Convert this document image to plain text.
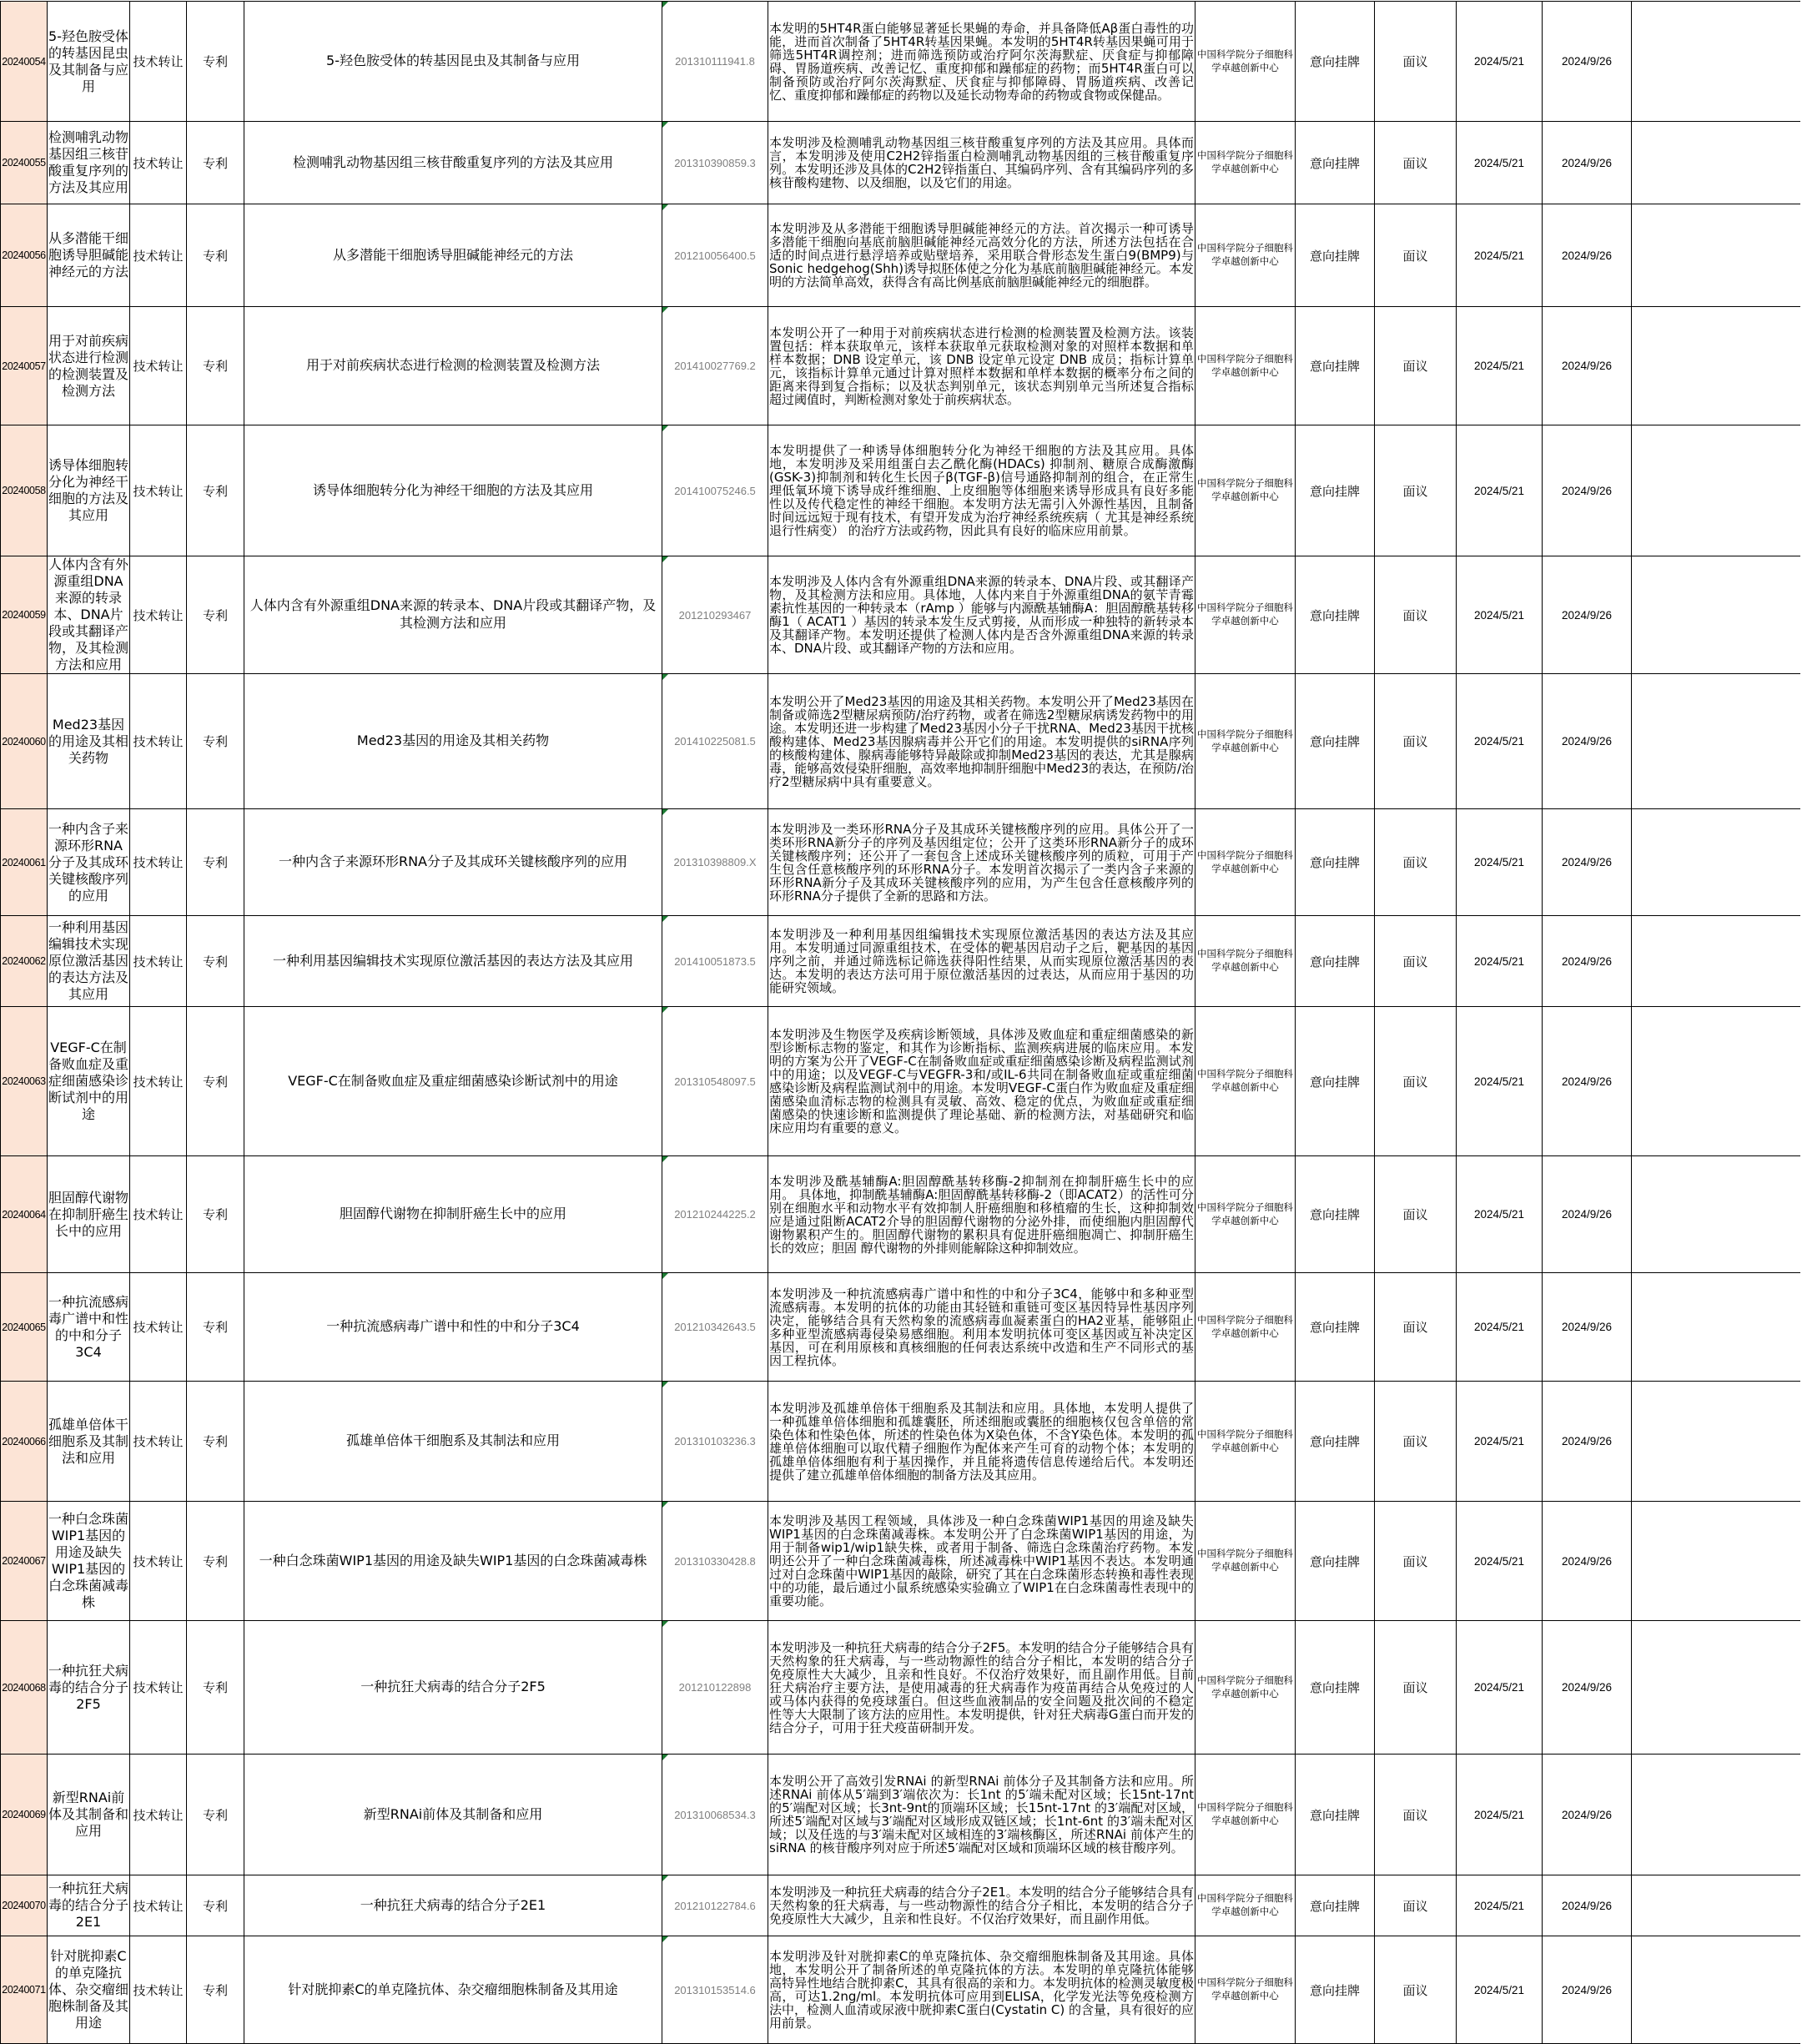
20240054	5-羟色胺受体的转基因昆虫及其制备与应用	技术转让	专利	5-羟色胺受体的转基因昆虫及其制备与应用	201310111941.8	本发明的5HT4R蛋白能够显著延长果蝇的寿命，并具备降低Aβ蛋白毒性的功能，进而首次制备了5HT4R转基因果蝇。本发明的5HT4R转基因果蝇可用于筛选5HT4R调控剂；进而筛选预防或治疗阿尔茨海默症、厌食症与抑郁障碍、胃肠道疾病、改善记忆、重度抑郁和躁郁症的药物；而5HT4R蛋白可以制备预防或治疗阿尔茨海默症、厌食症与抑郁障碍、胃肠道疾病、改善记忆、重度抑郁和躁郁症的药物以及延长动物寿命的药物或食物或保健品。	中国科学院分子细胞科学卓越创新中心	意向挂牌	面议	2024/5/21	2024/9/26	
20240055	检测哺乳动物基因组三核苷酸重复序列的方法及其应用	技术转让	专利	检测哺乳动物基因组三核苷酸重复序列的方法及其应用	201310390859.3	本发明涉及检测哺乳动物基因组三核苷酸重复序列的方法及其应用。具体而言，本发明涉及使用C2H2锌指蛋白检测哺乳动物基因组的三核苷酸重复序列。本发明还涉及具体的C2H2锌指蛋白、其编码序列、含有其编码序列的多核苷酸构建物、以及细胞，以及它们的用途。	中国科学院分子细胞科学卓越创新中心	意向挂牌	面议	2024/5/21	2024/9/26	
20240056	从多潜能干细胞诱导胆碱能神经元的方法	技术转让	专利	从多潜能干细胞诱导胆碱能神经元的方法	201210056400.5	本发明涉及从多潜能干细胞诱导胆碱能神经元的方法。首次揭示一种可诱导多潜能干细胞向基底前脑胆碱能神经元高效分化的方法，所述方法包括在合适的时间点进行悬浮培养或贴壁培养，采用联合骨形态发生蛋白9(BMP9)与Sonic hedgehog(Shh)诱导拟胚体使之分化为基底前脑胆碱能神经元。本发明的方法简单高效，获得含有高比例基底前脑胆碱能神经元的细胞群。	中国科学院分子细胞科学卓越创新中心	意向挂牌	面议	2024/5/21	2024/9/26	
20240057	用于对前疾病状态进行检测的检测装置及检测方法	技术转让	专利	用于对前疾病状态进行检测的检测装置及检测方法	201410027769.2	本发明公开了一种用于对前疾病状态进行检测的检测装置及检测方法。该装置包括：样本获取单元，该样本获取单元获取检测对象的对照样本数据和单样本数据；DNB 设定单元，该 DNB 设定单元设定 DNB 成员；指标计算单元，该指标计算单元通过计算对照样本数据和单样本数据的概率分布之间的距离来得到复合指标；以及状态判别单元，该状态判别单元当所述复合指标超过阈值时，判断检测对象处于前疾病状态。	中国科学院分子细胞科学卓越创新中心	意向挂牌	面议	2024/5/21	2024/9/26	
20240058	诱导体细胞转分化为神经干细胞的方法及其应用	技术转让	专利	诱导体细胞转分化为神经干细胞的方法及其应用	201410075246.5	本发明提供了一种诱导体细胞转分化为神经干细胞的方法及其应用。具体地，本发明涉及采用组蛋白去乙酰化酶(HDACs) 抑制剂、糖原合成酶激酶(GSK-3)抑制剂和转化生长因子β(TGF-β)信号通路抑制剂的组合，在正常生理低氧环境下诱导成纤维细胞、上皮细胞等体细胞来诱导形成具有良好多能性以及传代稳定性的神经干细胞。本发明方法无需引入外源性基因，且制备时间远远短于现有技术，有望开发成为治疗神经系统疾病（ 尤其是神经系统退行性病变） 的治疗方法或药物，因此具有良好的临床应用前景。	中国科学院分子细胞科学卓越创新中心	意向挂牌	面议	2024/5/21	2024/9/26	
20240059	人体内含有外源重组DNA来源的转录本、DNA片段或其翻译产物，及其检测方法和应用	技术转让	专利	人体内含有外源重组DNA来源的转录本、DNA片段或其翻译产物，及其检测方法和应用	201210293467	本发明涉及人体内含有外源重组DNA来源的转录本、DNA片段、或其翻译产物，及其检测方法和应用。具体地，人体内来自于外源重组DNA的氨苄青霉素抗性基因的一种转录本（rAmp ）能够与内源酰基辅酶A：胆固醇酰基转移酶1（ ACAT1 ）基因的转录本发生反式剪接，从而形成一种独特的新转录本及其翻译产物。本发明还提供了检测人体内是否含外源重组DNA来源的转录本、DNA片段、或其翻译产物的方法和应用。	中国科学院分子细胞科学卓越创新中心	意向挂牌	面议	2024/5/21	2024/9/26	
20240060	Med23基因的用途及其相关药物	技术转让	专利	Med23基因的用途及其相关药物	201410225081.5	本发明公开了Med23基因的用途及其相关药物。本发明公开了Med23基因在制备或筛选2型糖尿病预防/治疗药物，或者在筛选2型糖尿病诱发药物中的用途。本发明还进一步构建了Med23基因小分子干扰RNA、Med23基因干扰核酸构建体、Med23基因腺病毒并公开它们的用途。本发明提供的siRNA序列的核酸构建体、腺病毒能够特异敲除或抑制Med23基因的表达，尤其是腺病毒，能够高效侵染肝细胞，高效率地抑制肝细胞中Med23的表达，在预防/治疗2型糖尿病中具有重要意义。	中国科学院分子细胞科学卓越创新中心	意向挂牌	面议	2024/5/21	2024/9/26	
20240061	一种内含子来源环形RNA分子及其成环关键核酸序列的应用	技术转让	专利	一种内含子来源环形RNA分子及其成环关键核酸序列的应用	201310398809.X	本发明涉及一类环形RNA分子及其成环关键核酸序列的应用。具体公开了一类环形RNA新分子的序列及基因组定位；公开了这类环形RNA新分子的成环关键核酸序列；还公开了一套包含上述成环关键核酸序列的质粒，可用于产生包含任意核酸序列的环形RNA分子。本发明首次揭示了一类内含子来源的环形RNA新分子及其成环关键核酸序列的应用，为产生包含任意核酸序列的环形RNA分子提供了全新的思路和方法。	中国科学院分子细胞科学卓越创新中心	意向挂牌	面议	2024/5/21	2024/9/26	
20240062	一种利用基因编辑技术实现原位激活基因的表达方法及其应用	技术转让	专利	一种利用基因编辑技术实现原位激活基因的表达方法及其应用	201410051873.5	本发明涉及一种利用基因组编辑技术实现原位激活基因的表达方法及其应用。本发明通过同源重组技术，在受体的靶基因启动子之后，靶基因的基因序列之前，并通过筛选标记筛选获得阳性结果，从而实现原位激活基因的表达。本发明的表达方法可用于原位激活基因的过表达，从而应用于基因的功能研究领域。	中国科学院分子细胞科学卓越创新中心	意向挂牌	面议	2024/5/21	2024/9/26	
20240063	VEGF-C在制备败血症及重症细菌感染诊断试剂中的用途	技术转让	专利	VEGF-C在制备败血症及重症细菌感染诊断试剂中的用途	201310548097.5	本发明涉及生物医学及疾病诊断领域，具体涉及败血症和重症细菌感染的新型诊断标志物的鉴定，和其作为诊断指标、监测疾病进展的临床应用。本发明的方案为公开了VEGF-C在制备败血症或重症细菌感染诊断及病程监测试剂中的用途；以及VEGF-C与VEGFR-3和/或IL-6共同在制备败血症或重症细菌感染诊断及病程监测试剂中的用途。本发明VEGF-C蛋白作为败血症及重症细菌感染血清标志物的检测具有灵敏、高效、稳定的优点，为败血症或重症细菌感染的快速诊断和监测提供了理论基础、新的检测方法，对基础研究和临床应用均有重要的意义。	中国科学院分子细胞科学卓越创新中心	意向挂牌	面议	2024/5/21	2024/9/26	
20240064	胆固醇代谢物在抑制肝癌生长中的应用	技术转让	专利	胆固醇代谢物在抑制肝癌生长中的应用	201210244225.2	本发明涉及酰基辅酶A:胆固醇酰基转移酶-2抑制剂在抑制肝癌生长中的应用。 具体地，抑制酰基辅酶A:胆固醇酰基转移酶-2（即ACAT2）的活性可分别在细胞水平和动物水平有效抑制人肝癌细胞和移植瘤的生长，这种抑制效应是通过阻断ACAT2介导的胆固醇代谢物的分泌外排，而使细胞内胆固醇代谢物累积产生的。胆固醇代谢物的累积具有促进肝癌细胞凋亡、抑制肝癌生长的效应；胆固 醇代谢物的外排则能解除这种抑制效应。	中国科学院分子细胞科学卓越创新中心	意向挂牌	面议	2024/5/21	2024/9/26	
20240065	一种抗流感病毒广谱中和性的中和分子3C4	技术转让	专利	一种抗流感病毒广谱中和性的中和分子3C4	201210342643.5	本发明涉及一种抗流感病毒广谱中和性的中和分子3C4，能够中和多种亚型流感病毒。本发明的抗体的功能由其轻链和重链可变区基因特异性基因序列决定，能够结合具有天然构象的流感病毒血凝素蛋白的HA2亚基，能够阻止多种亚型流感病毒侵染易感细胞。利用本发明抗体可变区基因或互补决定区基因，可在利用原核和真核细胞的任何表达系统中改造和生产不同形式的基因工程抗体。	中国科学院分子细胞科学卓越创新中心	意向挂牌	面议	2024/5/21	2024/9/26	
20240066	孤雄单倍体干细胞系及其制法和应用	技术转让	专利	孤雄单倍体干细胞系及其制法和应用	201310103236.3	本发明涉及孤雄单倍体干细胞系及其制法和应用。具体地，本发明人提供了一种孤雄单倍体细胞和孤雄囊胚，所述细胞或囊胚的细胞核仅包含单倍的常染色体和性染色体，所述的性染色体为X染色体，不含Y染色体。本发明的孤雄单倍体细胞可以取代精子细胞作为配体来产生可育的动物个体；本发明的孤雄单倍体细胞有利于基因操作，并且能将遗传信息传递给后代。本发明还提供了建立孤雄单倍体细胞的制备方法及其应用。	中国科学院分子细胞科学卓越创新中心	意向挂牌	面议	2024/5/21	2024/9/26	
20240067	一种白念珠菌WIP1基因的用途及缺失WIP1基因的白念珠菌减毒株	技术转让	专利	一种白念珠菌WIP1基因的用途及缺失WIP1基因的白念珠菌减毒株	201310330428.8	本发明涉及基因工程领域，具体涉及一种白念珠菌WIP1基因的用途及缺失WIP1基因的白念珠菌减毒株。本发明公开了白念珠菌WIP1基因的用途，为用于制备wip1/wip1缺失株，或者用于制备、筛选白念珠菌治疗药物。本发明还公开了一种白念珠菌减毒株，所述减毒株中WIP1基因不表达。本发明通过对白念珠菌中WIP1基因的敲除，研究了其在白念珠菌形态转换和毒性表现中的功能，最后通过小鼠系统感染实验确立了WIP1在白念珠菌毒性表现中的重要功能。	中国科学院分子细胞科学卓越创新中心	意向挂牌	面议	2024/5/21	2024/9/26	
20240068	一种抗狂犬病毒的结合分子2F5	技术转让	专利	一种抗狂犬病毒的结合分子2F5	201210122898	本发明涉及一种抗狂犬病毒的结合分子2F5。本发明的结合分子能够结合具有天然构象的狂犬病毒，与一些动物源性的结合分子相比，本发明的结合分子免疫原性大大减少，且亲和性良好。不仅治疗效果好，而且副作用低。目前狂犬病治疗主要方法，是使用减毒的狂犬病毒作为疫苗再结合从免疫过的人或马体内获得的免疫球蛋白。但这些血液制品的安全问题及批次间的不稳定性等大大限制了该方法的应用性。本发明提供，针对狂犬病毒G蛋白而开发的结合分子，可用于狂犬疫苗研制开发。	中国科学院分子细胞科学卓越创新中心	意向挂牌	面议	2024/5/21	2024/9/26	
20240069	新型RNAi前体及其制备和应用	技术转让	专利	新型RNAi前体及其制备和应用	201310068534.3	本发明公开了高效引发RNAi 的新型RNAi 前体分子及其制备方法和应用。所述RNAi 前体从5′端到3′端依次为：长1nt 的5′端未配对区域；长15nt-17nt 的5′端配对区域；长3nt-9nt的顶端环区域；长15nt-17nt 的3′端配对区域，所述5′端配对区域与3′端配对区域形成双链区域；长1nt-6nt 的3′端未配对区域；以及任选的与3′端未配对区域相连的3′端核酶区，所述RNAi 前体产生的siRNA 的核苷酸序列对应于所述5′端配对区域和顶端环区域的核苷酸序列。	中国科学院分子细胞科学卓越创新中心	意向挂牌	面议	2024/5/21	2024/9/26	
20240070	一种抗狂犬病毒的结合分子2E1	技术转让	专利	一种抗狂犬病毒的结合分子2E1	201210122784.6	本发明涉及一种抗狂犬病毒的结合分子2E1。本发明的结合分子能够结合具有天然构象的狂犬病毒，与一些动物源性的结合分子相比，本发明的结合分子免疫原性大大减少，且亲和性良好。不仅治疗效果好，而且副作用低。	中国科学院分子细胞科学卓越创新中心	意向挂牌	面议	2024/5/21	2024/9/26	
20240071	针对胱抑素C的单克隆抗体、杂交瘤细胞株制备及其用途	技术转让	专利	针对胱抑素C的单克隆抗体、杂交瘤细胞株制备及其用途	201310153514.6	本发明涉及针对胱抑素C的单克隆抗体、杂交瘤细胞株制备及其用途。具体地，本发明公开了制备所述的单克隆抗体的方法。本发明的单克隆抗体能够高特异性地结合胱抑素C，其具有很高的亲和力。本发明抗体的检测灵敏度极高，可达1.2ng/ml。本发明抗体可应用到ELISA，化学发光法等免疫检测方法中，检测人血清或尿液中胱抑素C蛋白(Cystatin C) 的含量，具有很好的应用前景。	中国科学院分子细胞科学卓越创新中心	意向挂牌	面议	2024/5/21	2024/9/26	
